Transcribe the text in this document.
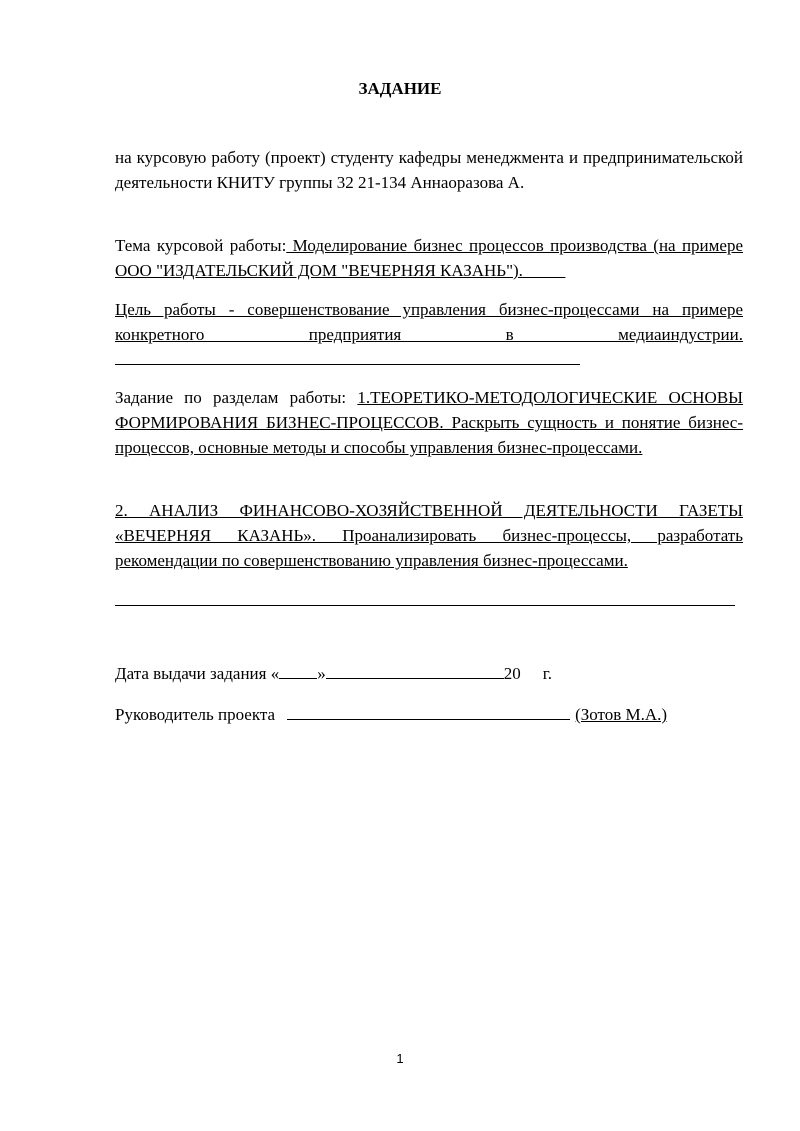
ЗАДАНИЕ
на курсовую работу (проект) студенту кафедры менеджмента и предпринимательской деятельности КНИТУ группы 32 21-134 Аннаоразова А.
Тема курсовой работы: Моделирование бизнес процессов производства (на примере ООО "ИЗДАТЕЛЬСКИЙ ДОМ "ВЕЧЕРНЯЯ КАЗАНЬ").
Цель работы - совершенствование управления бизнес-процессами на примере конкретного предприятия в медиаиндустрии.
Задание по разделам работы: 1.ТЕОРЕТИКО-МЕТОДОЛОГИЧЕСКИЕ ОСНОВЫ ФОРМИРОВАНИЯ БИЗНЕС-ПРОЦЕССОВ. Раскрыть сущность и понятие бизнес-процессов, основные методы и способы управления бизнес-процессами.
2. АНАЛИЗ ФИНАНСОВО-ХОЗЯЙСТВЕННОЙ ДЕЯТЕЛЬНОСТИ ГАЗЕТЫ «ВЕЧЕРНЯЯ КАЗАНЬ». Проанализировать бизнес-процессы, разработать рекомендации по совершенствованию управления бизнес-процессами.
Дата выдачи задания « »	20 г.
Руководитель проекта	(Зотов М.А.)
1
